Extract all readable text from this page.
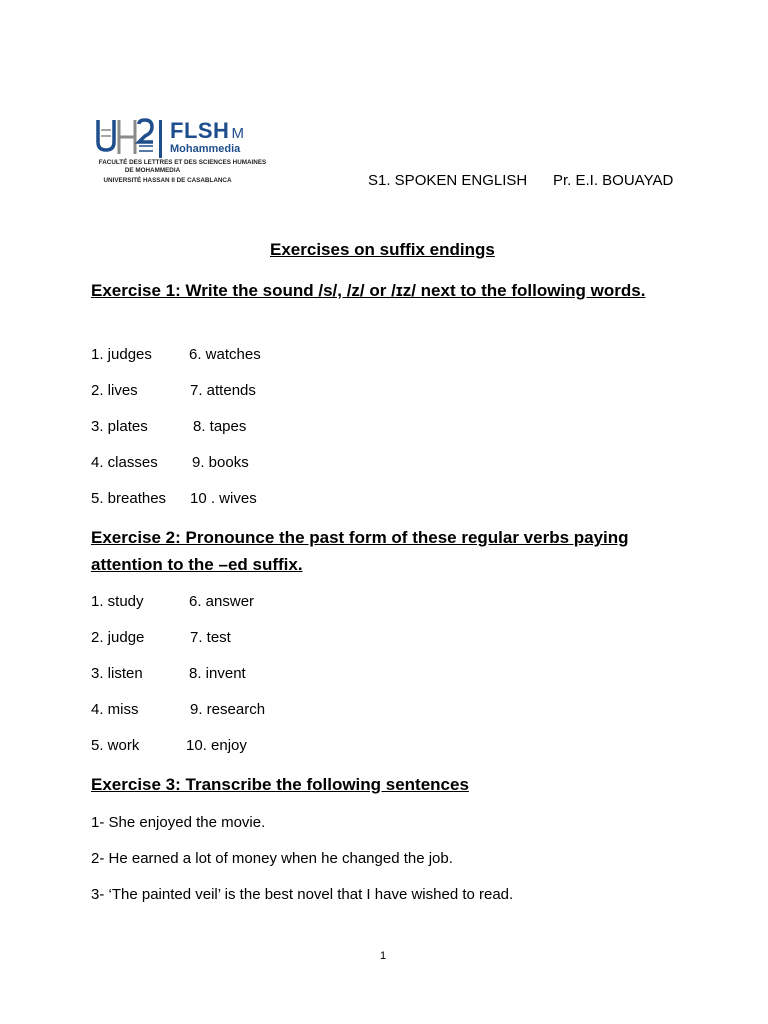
FLSH M
Mohammedia
FACULTÉ DES LETTRES ET DES SCIENCES HUMAINES
DE MOHAMMEDIA
UNIVERSITÉ HASSAN II DE CASABLANCA	S1. SPOKEN ENGLISH Pr. E.I. BOUAYAD
Exercises on suffix endings
Exercise 1: Write the sound /s/, /z/ or /ɪz/ next to the following words.
1. judges
2. lives
3. plates
4. classes
5. breathes
6. watches
7. attends
8. tapes
9. books
10 . wives
Exercise 2: Pronounce the past form of these regular verbs paying attention to the –ed suffix.
1. study
2. judge
3. listen
4. miss
5. work
6. answer
7. test
8. invent
9. research
10. enjoy
Exercise 3: Transcribe the following sentences
1- She enjoyed the movie.
2- He earned a lot of money when he changed the job.
3- ‘The painted veil’ is the best novel that I have wished to read.
1
